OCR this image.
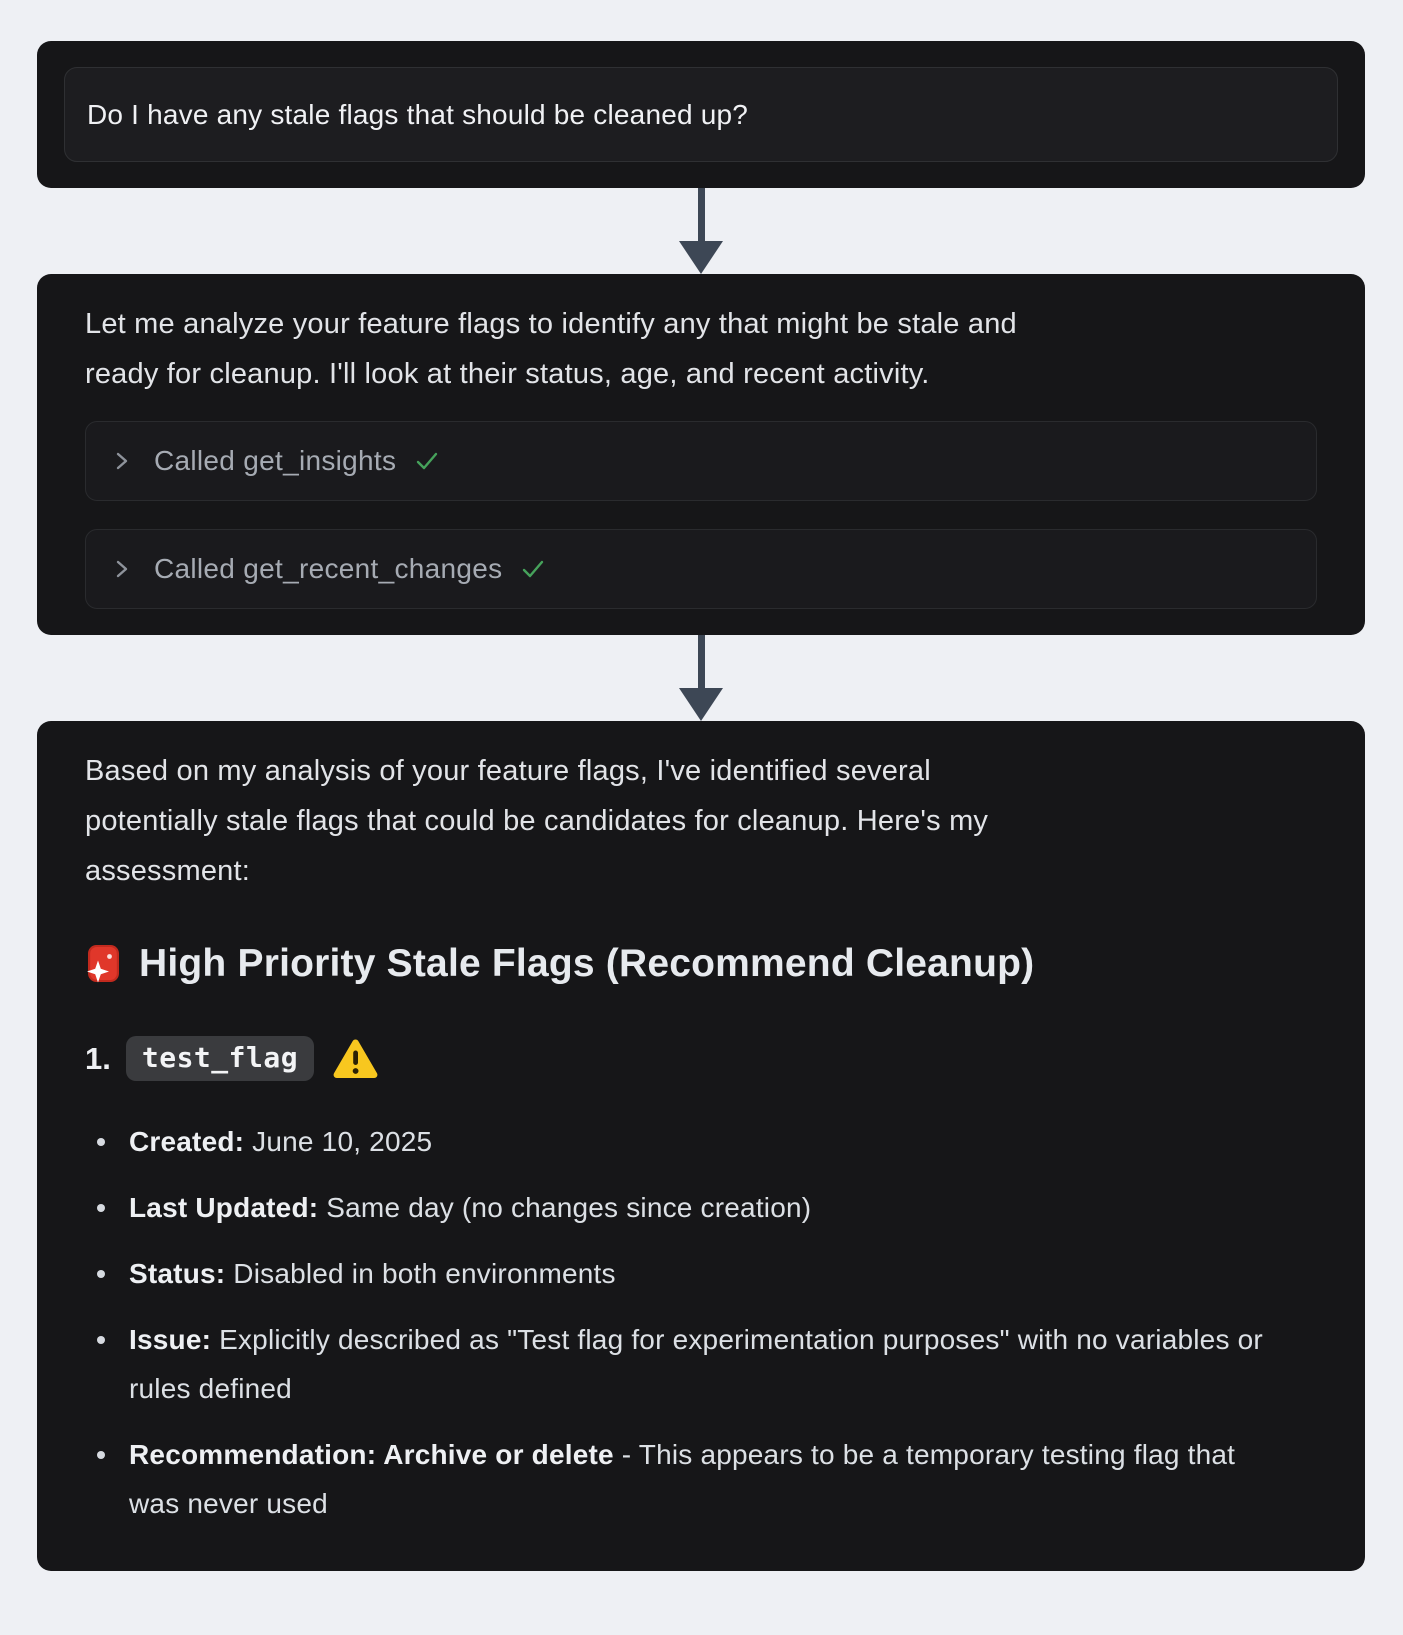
Do I have any stale flags that should be cleaned up?

Let me analyze your feature flags to identify any that might be stale and
ready for cleanup. I'll look at their status, age, and recent activity.

Called get_insights
Called get_recent_changes

Based on my analysis of your feature flags, I've identified several
potentially stale flags that could be candidates for cleanup. Here's my
assessment:

High Priority Stale Flags (Recommend Cleanup)
1.	test_flag
Created: June 10, 2025
Last Updated: Same day (no changes since creation)
Status: Disabled in both environments
Issue: Explicitly described as "Test flag for experimentation purposes" with no variables or rules defined
Recommendation: Archive or delete - This appears to be a temporary testing flag that was never used
